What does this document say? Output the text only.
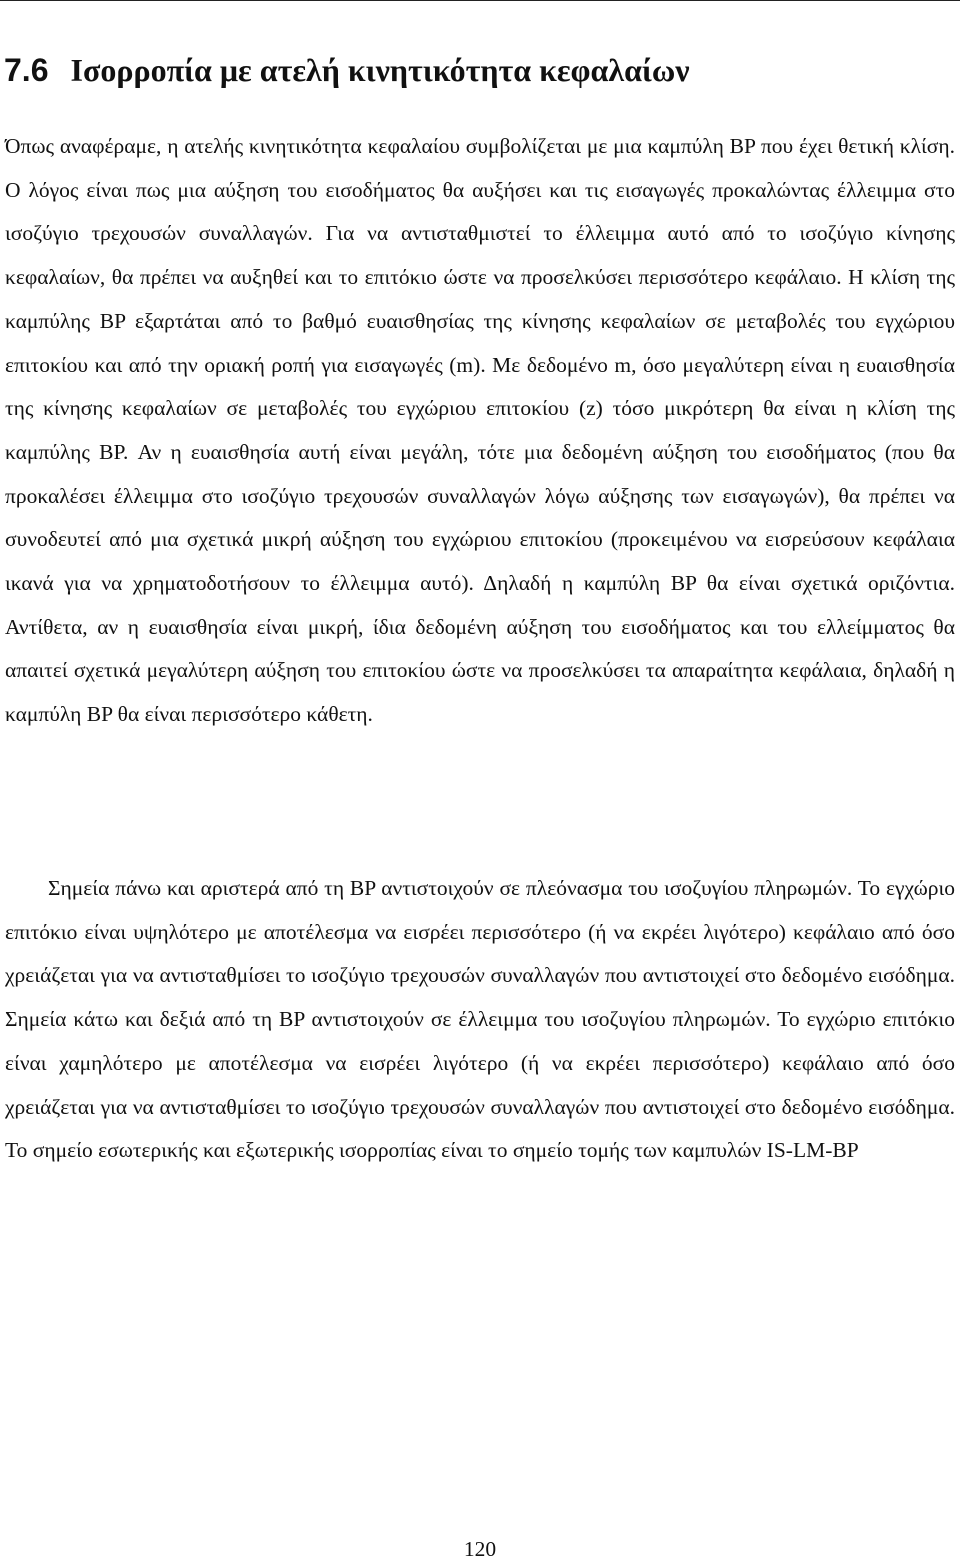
7.6 Ισορροπία με ατελή κινητικότητα κεφαλαίων

Όπως αναφέραμε, η ατελής κινητικότητα κεφαλαίου συμβολίζεται με μια καμπύλη BP που έχει θετική κλίση. Ο λόγος είναι πως μια αύξηση του εισοδήματος θα αυξήσει και τις εισαγωγές προκαλώντας έλλειμμα στο ισοζύγιο τρεχουσών συναλλαγών. Για να αντισταθμιστεί το έλλειμμα αυτό από το ισοζύγιο κίνησης κεφαλαίων, θα πρέπει να αυξηθεί και το επιτόκιο ώστε να προσελκύσει περισσότερο κεφάλαιο. Η κλίση της καμπύλης BP εξαρτάται από το βαθμό ευαισθησίας της κίνησης κεφαλαίων σε μεταβολές του εγχώριου επιτοκίου και από την οριακή ροπή για εισαγωγές (m). Με δεδομένο m, όσο μεγαλύτερη είναι η ευαισθησία της κίνησης κεφαλαίων σε μεταβολές του εγχώριου επιτοκίου (z) τόσο μικρότερη θα είναι η κλίση της καμπύλης BP. Αν η ευαισθησία αυτή είναι μεγάλη, τότε μια δεδομένη αύξηση του εισοδήματος (που θα προκαλέσει έλλειμμα στο ισοζύγιο τρεχουσών συναλλαγών λόγω αύξησης των εισαγωγών), θα πρέπει να συνοδευτεί από μια σχετικά μικρή αύξηση του εγχώριου επιτοκίου (προκειμένου να εισρεύσουν κεφάλαια ικανά για να χρηματοδοτήσουν το έλλειμμα αυτό). Δηλαδή η καμπύλη BP θα είναι σχετικά οριζόντια. Αντίθετα, αν η ευαισθησία είναι μικρή, ίδια δεδομένη αύξηση του εισοδήματος και του ελλείμματος θα απαιτεί σχετικά μεγαλύτερη αύξηση του επιτοκίου ώστε να προσελκύσει τα απαραίτητα κεφάλαια, δηλαδή η καμπύλη BP θα είναι περισσότερο κάθετη.

Σημεία πάνω και αριστερά από τη BP αντιστοιχούν σε πλεόνασμα του ισοζυγίου πληρωμών. Το εγχώριο επιτόκιο είναι υψηλότερο με αποτέλεσμα να εισρέει περισσότερο (ή να εκρέει λιγότερο) κεφάλαιο από όσο χρειάζεται για να αντισταθμίσει το ισοζύγιο τρεχουσών συναλλαγών που αντιστοιχεί στο δεδομένο εισόδημα. Σημεία κάτω και δεξιά από τη BP αντιστοιχούν σε έλλειμμα του ισοζυγίου πληρωμών. Το εγχώριο επιτόκιο είναι χαμηλότερο με αποτέλεσμα να εισρέει λιγότερο (ή να εκρέει περισσότερο) κεφάλαιο από όσο χρειάζεται για να αντισταθμίσει το ισοζύγιο τρεχουσών συναλλαγών που αντιστοιχεί στο δεδομένο εισόδημα. Το σημείο εσωτερικής και εξωτερικής ισορροπίας είναι το σημείο τομής των καμπυλών IS-LM-BP

120
